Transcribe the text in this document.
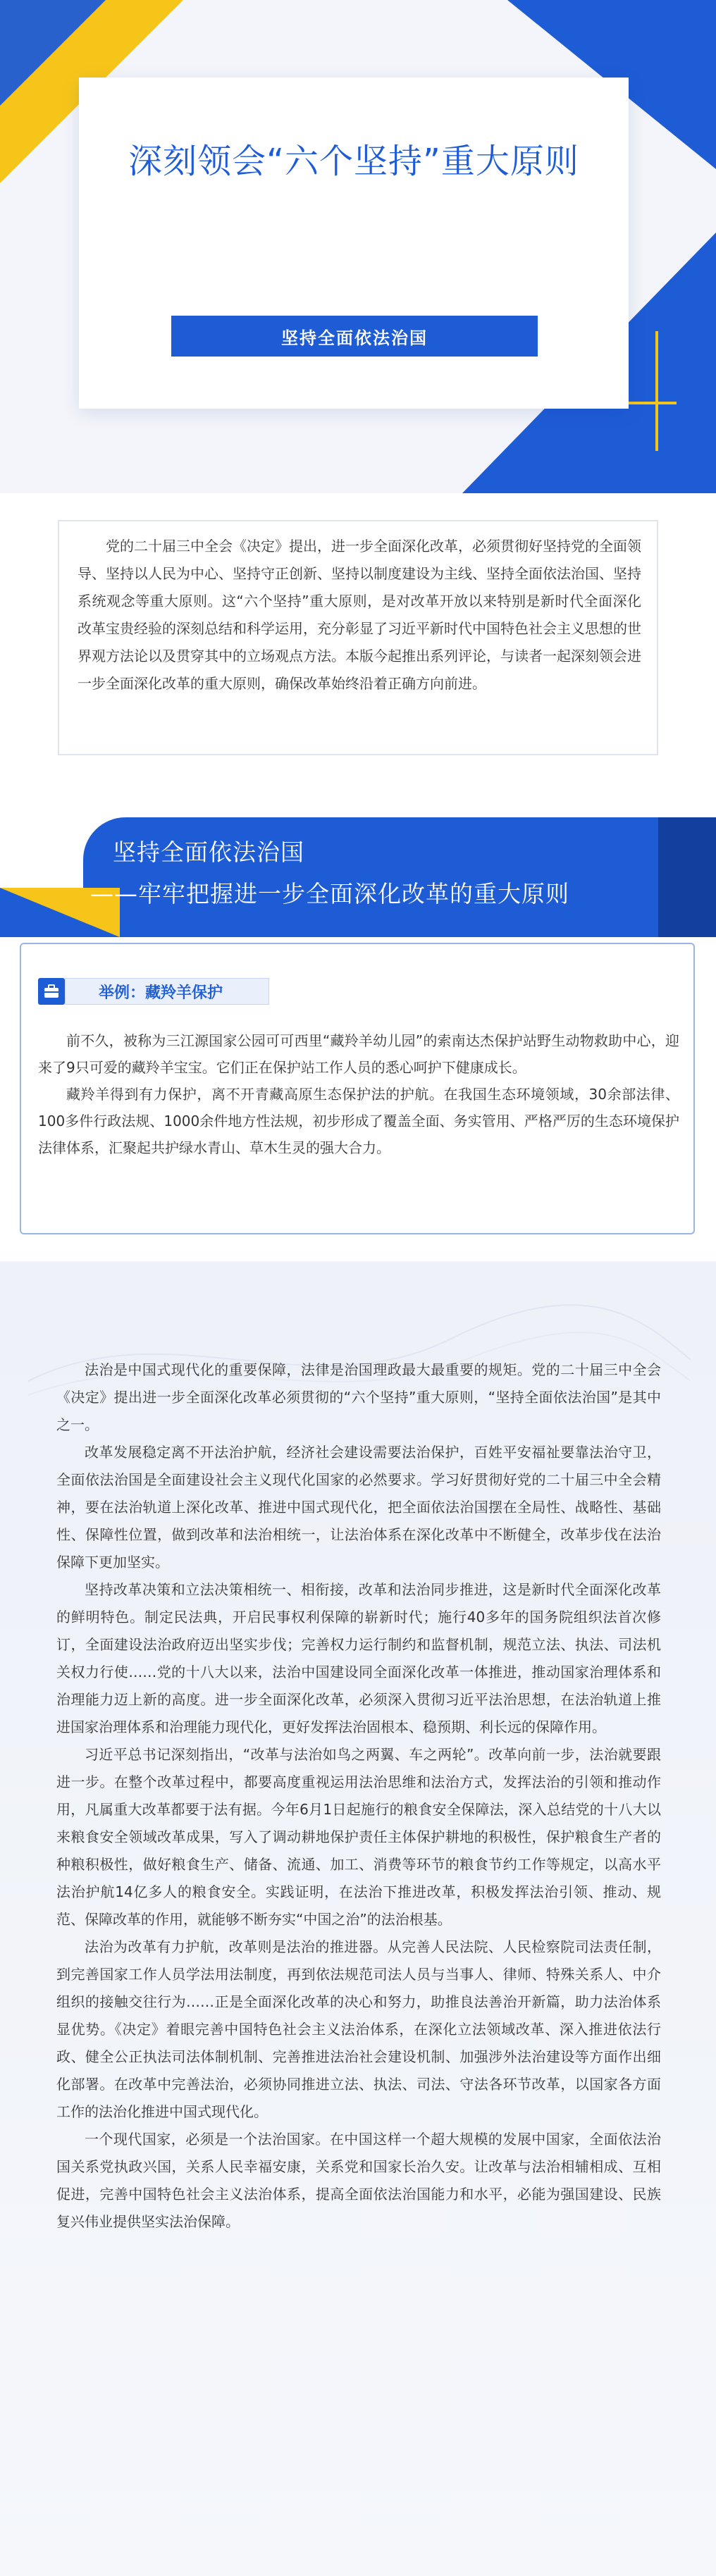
深刻领会“六个坚持”重大原则
坚持全面依法治国
党的二十届三中全会《决定》提出，进一步全面深化改革，必须贯彻好坚持党的全面领导、坚持以人民为中心、坚持守正创新、坚持以制度建设为主线、坚持全面依法治国、坚持系统观念等重大原则。这“六个坚持”重大原则，是对改革开放以来特别是新时代全面深化改革宝贵经验的深刻总结和科学运用，充分彰显了习近平新时代中国特色社会主义思想的世界观方法论以及贯穿其中的立场观点方法。本版今起推出系列评论，与读者一起深刻领会进一步全面深化改革的重大原则，确保改革始终沿着正确方向前进。
坚持全面依法治国
——牢牢把握进一步全面深化改革的重大原则
举例：藏羚羊保护

前不久，被称为三江源国家公园可可西里“藏羚羊幼儿园”的索南达杰保护站野生动物救助中心，迎来了9只可爱的藏羚羊宝宝。它们正在保护站工作人员的悉心呵护下健康成长。

藏羚羊得到有力保护，离不开青藏高原生态保护法的护航。在我国生态环境领域，30余部法律、100多件行政法规、1000余件地方性法规，初步形成了覆盖全面、务实管用、严格严厉的生态环境保护法律体系，汇聚起共护绿水青山、草木生灵的强大合力。

法治是中国式现代化的重要保障，法律是治国理政最大最重要的规矩。党的二十届三中全会《决定》提出进一步全面深化改革必须贯彻的“六个坚持”重大原则，“坚持全面依法治国”是其中之一。

改革发展稳定离不开法治护航，经济社会建设需要法治保护，百姓平安福祉要靠法治守卫，全面依法治国是全面建设社会主义现代化国家的必然要求。学习好贯彻好党的二十届三中全会精神，要在法治轨道上深化改革、推进中国式现代化，把全面依法治国摆在全局性、战略性、基础性、保障性位置，做到改革和法治相统一，让法治体系在深化改革中不断健全，改革步伐在法治保障下更加坚实。

坚持改革决策和立法决策相统一、相衔接，改革和法治同步推进，这是新时代全面深化改革的鲜明特色。制定民法典，开启民事权利保障的崭新时代；施行40多年的国务院组织法首次修订，全面建设法治政府迈出坚实步伐；完善权力运行制约和监督机制，规范立法、执法、司法机关权力行使……党的十八大以来，法治中国建设同全面深化改革一体推进，推动国家治理体系和治理能力迈上新的高度。进一步全面深化改革，必须深入贯彻习近平法治思想，在法治轨道上推进国家治理体系和治理能力现代化，更好发挥法治固根本、稳预期、利长远的保障作用。

习近平总书记深刻指出，“改革与法治如鸟之两翼、车之两轮”。改革向前一步，法治就要跟进一步。在整个改革过程中，都要高度重视运用法治思维和法治方式，发挥法治的引领和推动作用，凡属重大改革都要于法有据。今年6月1日起施行的粮食安全保障法，深入总结党的十八大以来粮食安全领域改革成果，写入了调动耕地保护责任主体保护耕地的积极性，保护粮食生产者的种粮积极性，做好粮食生产、储备、流通、加工、消费等环节的粮食节约工作等规定，以高水平法治护航14亿多人的粮食安全。实践证明，在法治下推进改革，积极发挥法治引领、推动、规范、保障改革的作用，就能够不断夯实“中国之治”的法治根基。

法治为改革有力护航，改革则是法治的推进器。从完善人民法院、人民检察院司法责任制，到完善国家工作人员学法用法制度，再到依法规范司法人员与当事人、律师、特殊关系人、中介组织的接触交往行为……正是全面深化改革的决心和努力，助推良法善治开新篇，助力法治体系显优势。《决定》着眼完善中国特色社会主义法治体系，在深化立法领域改革、深入推进依法行政、健全公正执法司法体制机制、完善推进法治社会建设机制、加强涉外法治建设等方面作出细化部署。在改革中完善法治，必须协同推进立法、执法、司法、守法各环节改革，以国家各方面工作的法治化推进中国式现代化。

一个现代国家，必须是一个法治国家。在中国这样一个超大规模的发展中国家，全面依法治国关系党执政兴国，关系人民幸福安康，关系党和国家长治久安。让改革与法治相辅相成、互相促进，完善中国特色社会主义法治体系，提高全面依法治国能力和水平，必能为强国建设、民族复兴伟业提供坚实法治保障。
